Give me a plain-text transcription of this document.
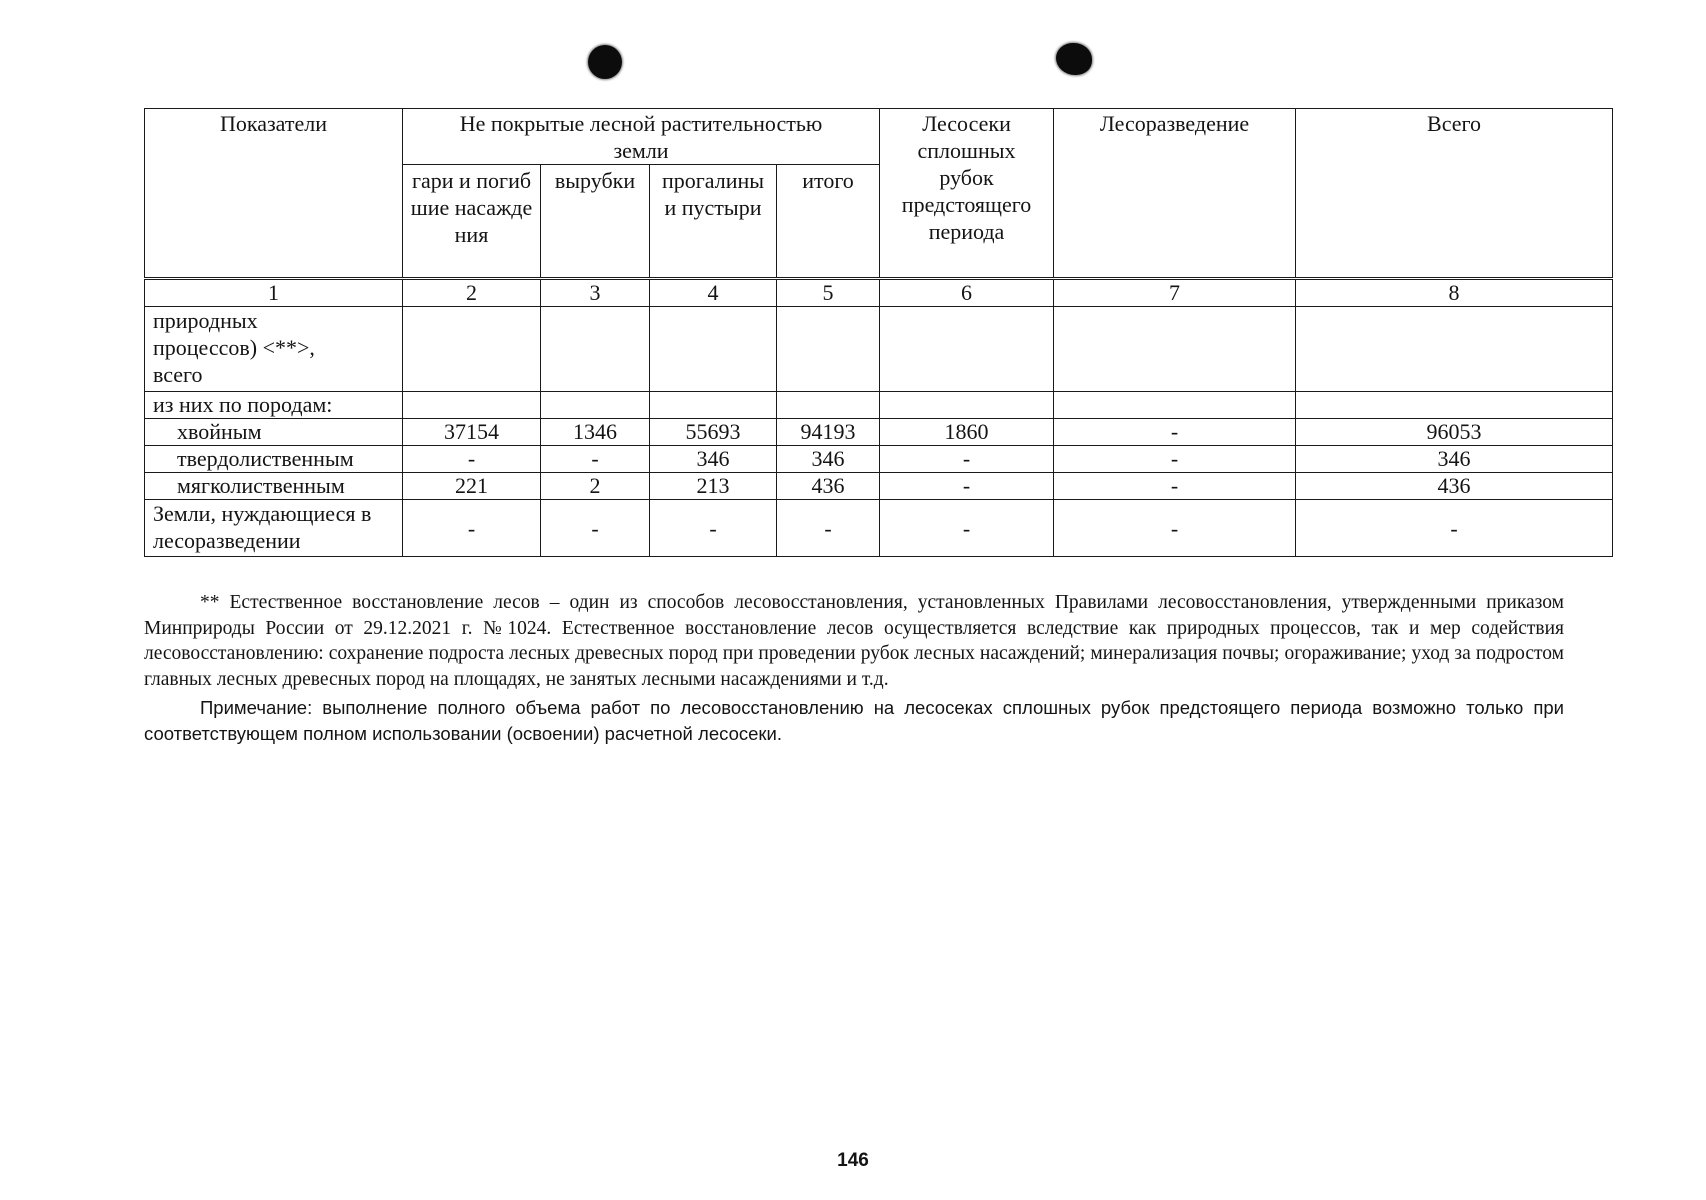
Показатели	Не покрытые лесной растительностью земли				Лесосеки сплошных рубок предстоящего периода	Лесоразведение	Всего
	гари и погибшие насаждения	вырубки	прогалины и пустыри	итого			
1	2	3	4	5	6	7	8
природных процессов) <**>, всего							
из них по породам:							
хвойным	37154	1346	55693	94193	1860	-	96053
твердолиственным	-	-	346	346	-	-	346
мягколиственным	221	2	213	436	-	-	436
Земли, нуждающиеся в лесоразведении	-	-	-	-	-	-	-

** Естественное восстановление лесов – один из способов лесовосстановления, установленных Правилами лесовосстановления, утвержденными приказом Минприроды России от 29.12.2021 г. №1024. Естественное восстановление лесов осуществляется вследствие как природных процессов, так и мер содействия лесовосстановлению: сохранение подроста лесных древесных пород при проведении рубок лесных насаждений; минерализация почвы; огораживание; уход за подростом главных лесных древесных пород на площадях, не занятых лесными насаждениями и т.д.

Примечание: выполнение полного объема работ по лесовосстановлению на лесосеках сплошных рубок предстоящего периода возможно только при соответствующем полном использовании (освоении) расчетной лесосеки.

146
